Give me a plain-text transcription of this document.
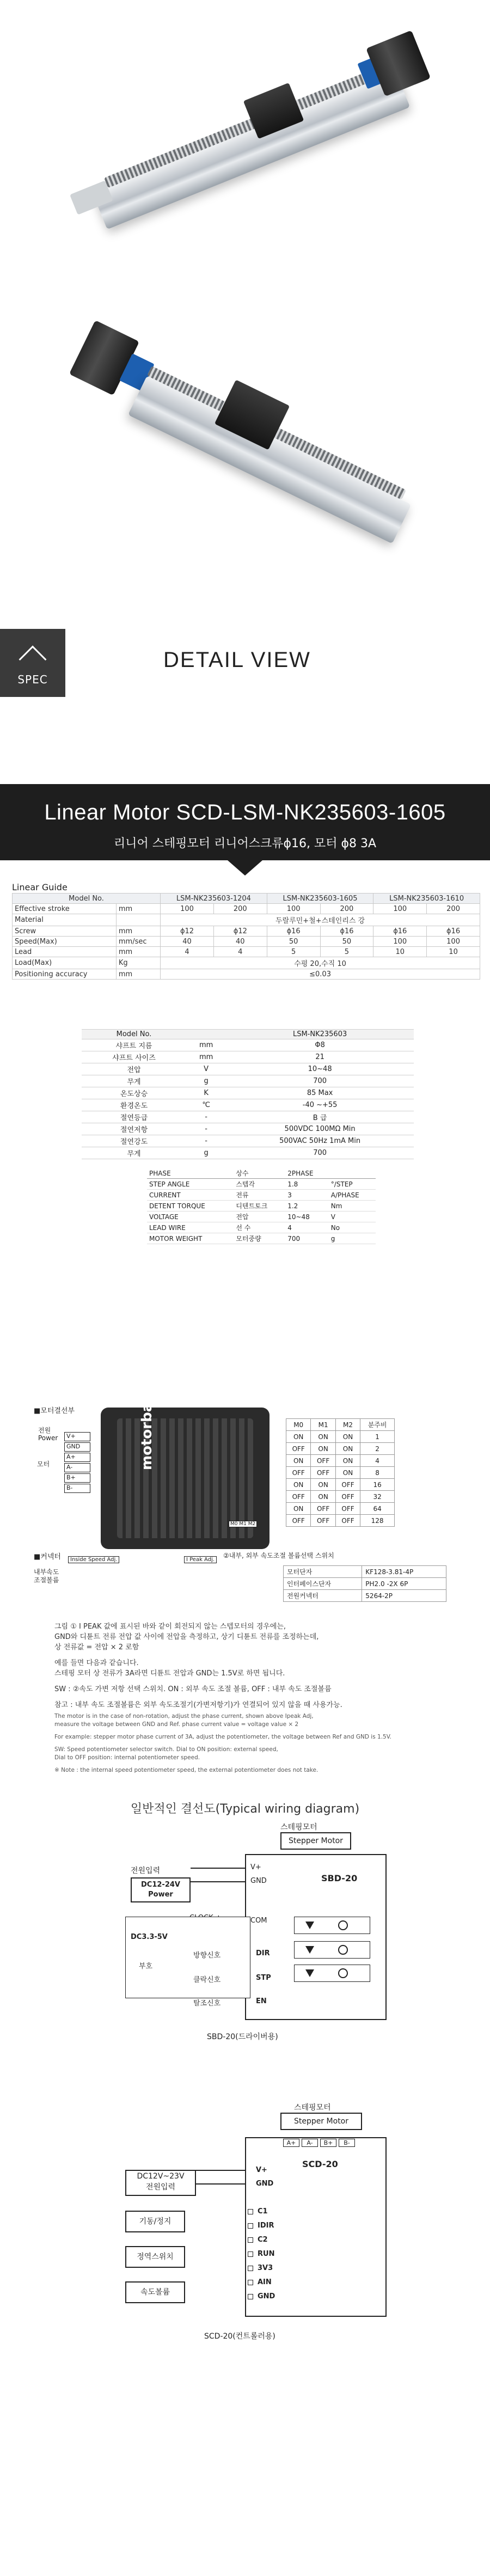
SPEC
DETAIL VIEW
Linear Motor SCD-LSM-NK235603-1605
리니어 스테핑모터 리니어스크류ϕ16, 모터 ϕ8 3A
Linear Guide
Model No.		LSM-NK235603-1204		LSM-NK235603-1605		LSM-NK235603-1610	
Effective stroke	mm	100	200	100	200	100	200
Material		두랄루민+철+스테인리스 강					
Screw	mm	ϕ12	ϕ12	ϕ16	ϕ16	ϕ16	ϕ16
Speed(Max)	mm/sec	40	40	50	50	100	100
Lead	mm	4	4	5	5	10	10
Load(Max)	Kg	수평 20,수직 10					
Positioning accuracy	mm	≤0.03					
Model No.		LSM-NK235603
샤프트 지름	mm	Φ8
샤프트 사이즈	mm	21
전압	V	10~48
무게	g	700
온도상승	K	85 Max
환경온도	℃	-40 ~+55
절연등급	-	B 급
절연저항	-	500VDC 100MΩ Min
절연강도	-	500VAC 50Hz 1mA Min
무게	g	700
PHASE	상수	2PHASE	
STEP ANGLE	스텝각	1.8	°/STEP
CURRENT	전류	3	A/PHASE
DETENT TORQUE	디텐트토크	1.2	Nm
VOLTAGE	전압	10~48	V
LEAD WIRE	선 수	4	No
MOTOR WEIGHT	모터중량	700	g
■모터결선부
전원
Power
모터
V+
GND
A+
A-
B+
B-
motorbank
M0 M1 M2
■커넥터
내부속도
조절볼륨
Inside Speed Adj.	I Peak Adj.
②내부, 외부 속도조절 볼륨선택 스위치
M0	M1	M2	분주비
ON	ON	ON	1
OFF	ON	ON	2
ON	OFF	ON	4
OFF	OFF	ON	8
ON	ON	OFF	16
OFF	ON	OFF	32
ON	OFF	OFF	64
OFF	OFF	OFF	128
모터단자	KF128-3.81-4P
인터페이스단자	PH2.0 -2X 6P
전원커넥터	5264-2P
그림 ① I PEAK 값에 표시된 바와 같이 회전되지 않는 스텝모터의 경우에는,
GND와 디튠트 전류 전압 값 사이에 전압을 측정하고, 상기 디튠트 전류를 조정하는데,
상 전류값 = 전압 × 2 로함
예를 들면 다음과 같습니다.
스테핑 모터 상 전류가 3A라면 디튠트 전압과 GND는 1.5V로 하면 됩니다.
SW : ②속도 가변 저항 선택 스위치. ON : 외부 속도 조절 볼륨, OFF : 내부 속도 조절볼륨
참고 : 내부 속도 조절볼륨은 외부 속도조절기(가변저항기)가 연결되어 있지 않을 때 사용가능.
The motor is in the case of non-rotation, adjust the phase current, shown above Ipeak Adj,
measure the voltage between GND and Ref. phase current value = voltage value × 2
For example: stepper motor phase current of 3A, adjust the potentiometer, the voltage between Ref and GND is 1.5V.
SW: Speed potentiometer selector switch. Dial to ON position: external speed,
Dial to OFF position: internal potentiometer speed.
※ Note : the internal speed potentiometer speed, the external potentiometer does not take.
일반적인 결선도(Typical wiring diagram)
스테핑모터
Stepper Motor
SBD-20
전원입력
DC12-24V
Power
V+
GND
COM
DC3.3-5V
부호
방향신호
클락신호
탈조신호
DIR
STP
EN
SBD-20(드라이버용)
스테핑모터
Stepper Motor
SCD-20
A+	A-	B+	B-
DC12V~23V
전원입력
V+
GND
기동/정지
정역스위치
속도볼륨
C1
IDIR
C2
RUN
3V3
AIN
GND
SCD-20(컨트롤러용)
